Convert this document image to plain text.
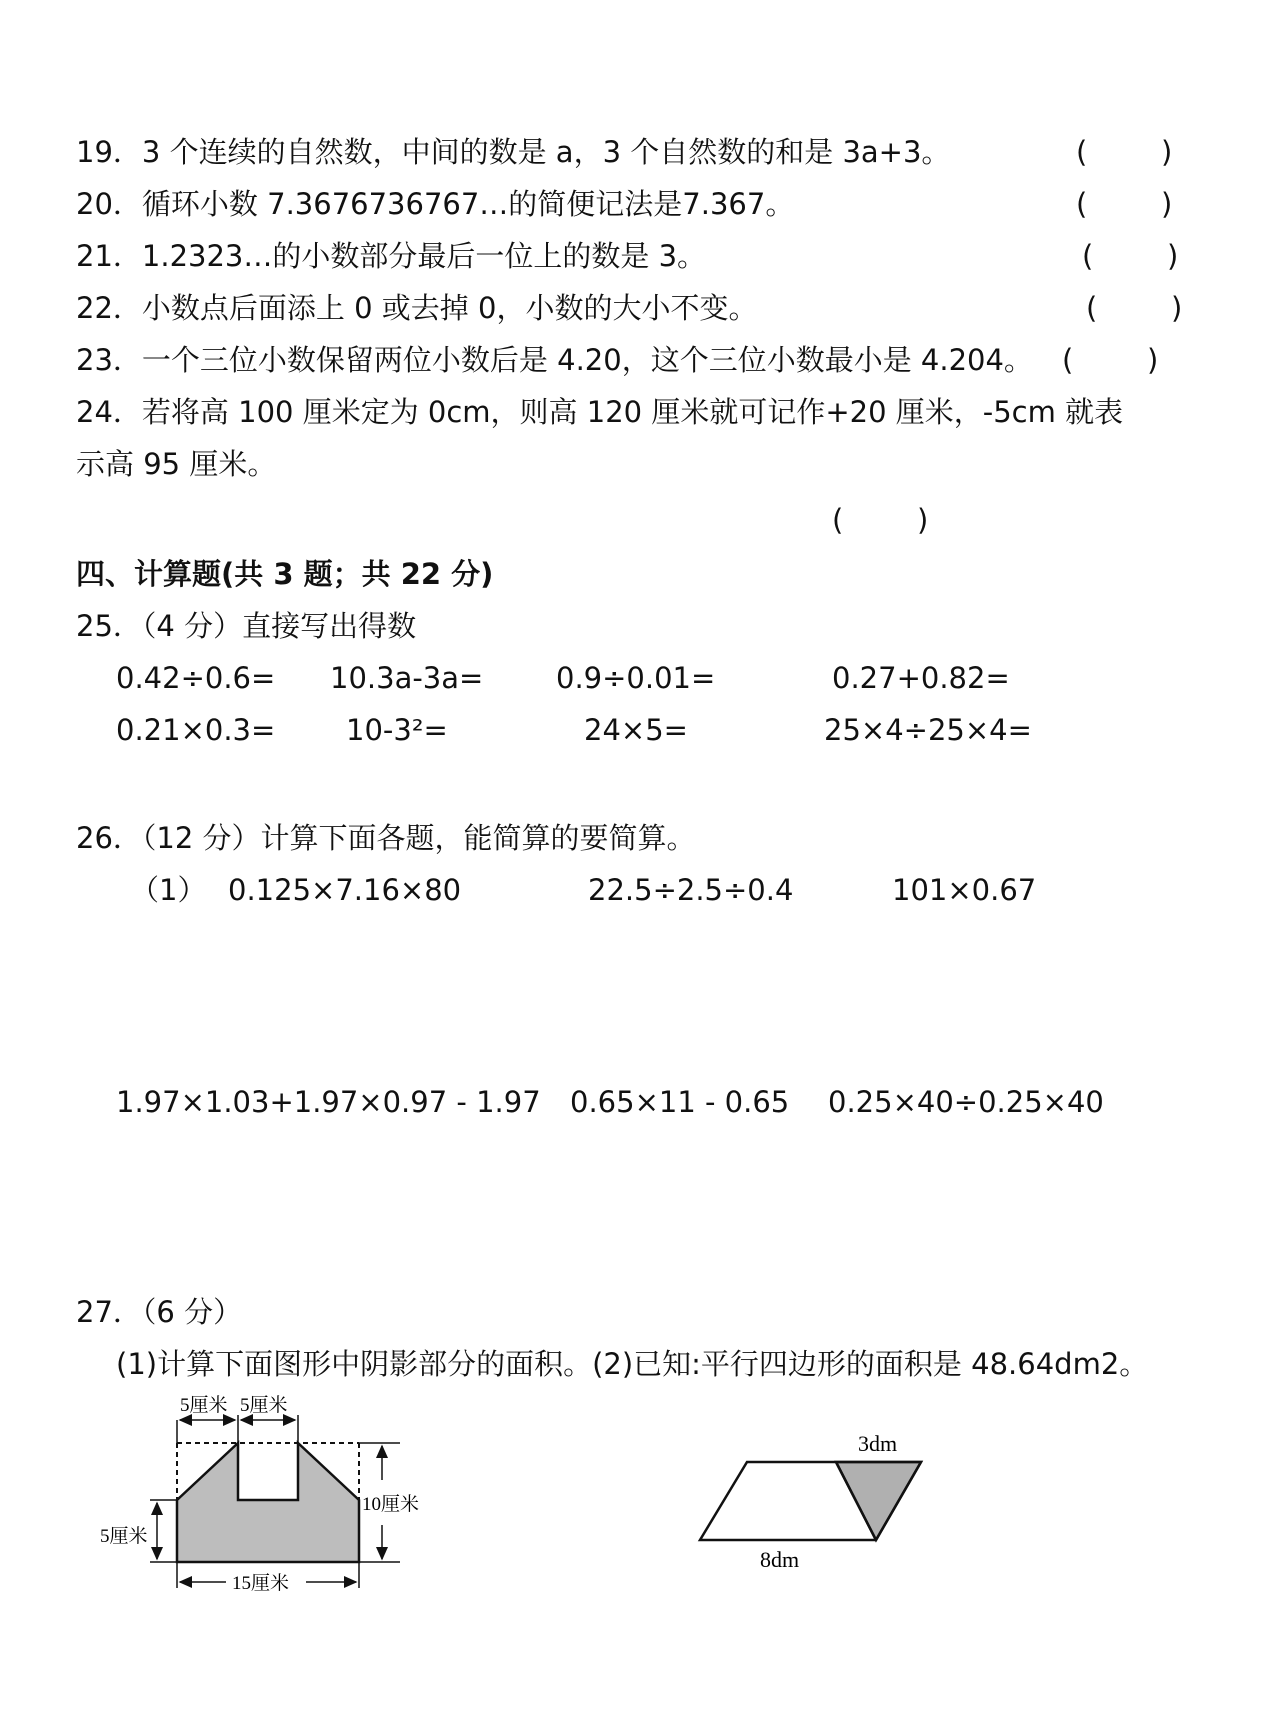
19．3 个连续的自然数，中间的数是 a，3 个自然数的和是 3a+3。	(        )
20．循环小数 7.3676736767…的简便记法是7.367。	(        )
21．1.2323…的小数部分最后一位上的数是 3。	(        )
22．小数点后面添上 0 或去掉 0，小数的大小不变。	(        )
23．一个三位小数保留两位小数后是 4.20，这个三位小数最小是 4.204。 (        )
24．若将高 100 厘米定为 0cm，则高 120 厘米就可记作+20 厘米，-5cm 就表
示高 95 厘米。
(        )
四、计算题(共 3 题；共 22 分)
25．（4 分）直接写出得数
0.42÷0.6= 10.3a-3a=	0.9÷0.01=	0.27+0.82=
0.21×0.3= 10-3²=	24×5=	25×4÷25×4=
26．（12 分）计算下面各题，能简算的要简算。
（1） 0.125×7.16×80	22.5÷2.5÷0.4	101×0.67
1.97×1.03+1.97×0.97 - 1.97 0.65×11 - 0.65 0.25×40÷0.25×40
27．（6 分）
(1)计算下面图形中阴影部分的面积。(2)已知:平行四边形的面积是 48.64dm2。
5厘米 5厘米
10厘米
5厘米
15厘米
3dm
8dm
